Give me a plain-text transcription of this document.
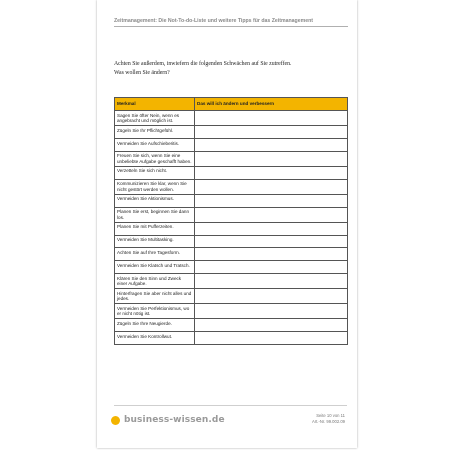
Zeitmanagement: Die Not-To-do-Liste und weitere Tipps für das Zeitmanagement
Achten Sie außerdem, inwiefern die folgenden Schwächen auf Sie zutreffen.
Was wollen Sie ändern?
Merkmal	Das will ich ändern und verbessern
Sagen Sie öfter Nein, wenn es angebracht und möglich ist.	
Zügeln Sie Ihr Pflichtgefühl.	
Vermeiden Sie Aufschieberitis.	
Freuen Sie sich, wenn Sie eine unbeliebte Aufgabe geschafft haben.	
Verzetteln Sie sich nicht.	
Kommunizieren Sie klar, wenn Sie nicht gestört werden wollen.	
Vermeiden Sie Aktionismus.	
Planen Sie erst, beginnen Sie dann los.	
Planen Sie mit Pufferzeiten.	
Vermeiden Sie Multitasking.	
Achten Sie auf Ihre Tagesform.	
Vermeiden Sie Klatsch und Tratsch.	
Klären Sie den Sinn und Zweck einer Aufgabe.	
Hinterfragen Sie aber nicht alles und jedes.	
Vermeiden Sie Perfektionismus, wo er nicht nötig ist.	
Zügeln Sie Ihre Neugierde.	
Vermeiden Sie Kontrollwut.	
business-wissen.de	Seite 10 von 11
Art.-Nr. 99.002.09
